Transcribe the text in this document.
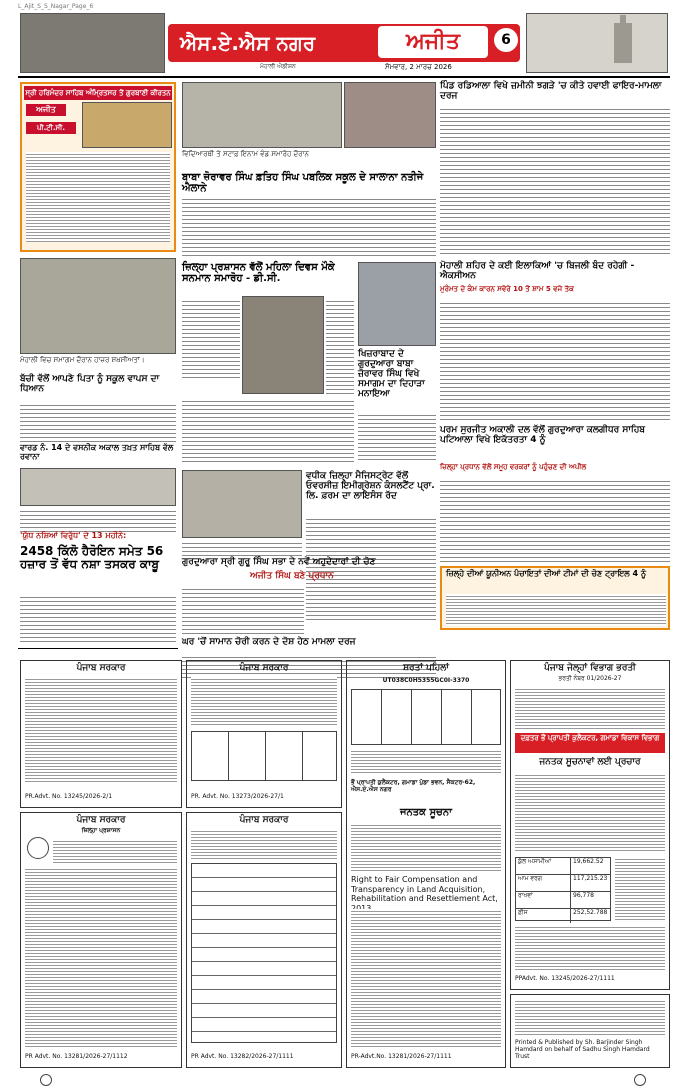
L_Ajit_S_S_Nagar_Page_6
ਐਸ.ਏ.ਐਸ ਨਗਰ	ਅਜੀਤ	6
ਮੋਹਾਲੀ ਐਡੀਸ਼ਨ	ਸੋਮਵਾਰ, 2 ਮਾਰਚ 2026
ਸ੍ਰੀ ਹਰਿਮੰਦਰ ਸਾਹਿਬ ਅੰਮ੍ਰਿਤਸਰ ਤੋਂ ਗੁਰਬਾਣੀ ਕੀਰਤਨ
ਅਜੀਤ
ਪੀ.ਟੀ.ਸੀ.
ਮੋਹਾਲੀ ਵਿਚ ਸਮਾਗਮ ਦੌਰਾਨ ਹਾਜ਼ਰ ਸ਼ਖ਼ਸੀਅਤਾਂ।
ਬੱਚੀ ਵੱਲੋਂ ਆਪਣੇ ਪਿਤਾ ਨੂੰ ਸਕੂਲ ਵਾਪਸ ਦਾ ਧਿਆਨ
ਵਾਰਡ ਨੰ. 14 ਦੇ ਵਸਨੀਕ ਅਕਾਲ ਤਖ਼ਤ ਸਾਹਿਬ ਵੱਲ ਰਵਾਨਾ
'ਯੁੱਧ ਨਸ਼ਿਆਂ ਵਿਰੁੱਧ' ਦੇ 13 ਮਹੀਨੇ:
2458 ਕਿੱਲੋ ਹੈਰੋਇਨ ਸਮੇਤ 56 ਹਜ਼ਾਰ ਤੋਂ ਵੱਧ ਨਸ਼ਾ ਤਸਕਰ ਕਾਬੂ
ਵਿਦਿਆਰਥੀ ਤੇ ਸਟਾਫ਼ ਇਨਾਮ ਵੰਡ ਸਮਾਰੋਹ ਦੌਰਾਨ
ਬਾਬਾ ਜ਼ੋਰਾਵਰ ਸਿੰਘ ਫ਼ਤਿਹ ਸਿੰਘ ਪਬਲਿਕ ਸਕੂਲ ਦੇ ਸਾਲਾਨਾ ਨਤੀਜੇ ਐਲਾਨੇ
ਜ਼ਿਲ੍ਹਾ ਪ੍ਰਸ਼ਾਸਨ ਵੱਲੋਂ ਮਹਿਲਾ ਦਿਵਸ ਮੌਕੇ ਸਨਮਾਨ ਸਮਾਰੋਹ - ਡੀ.ਸੀ.
ਖਿਜ਼ਰਾਬਾਦ ਦੇ ਗੁਰਦੁਆਰਾ ਬਾਬਾ ਜ਼ੋਰਾਵਰ ਸਿੰਘ ਵਿਖੇ ਸਮਾਗਮ ਦਾ ਦਿਹਾੜਾ ਮਨਾਇਆ
ਵਧੀਕ ਜ਼ਿਲ੍ਹਾ ਮੈਜਿਸਟ੍ਰੇਟ ਵੱਲੋਂ ਓਵਰਸੀਜ਼ ਇਮੀਗ੍ਰੇਸ਼ਨ ਕੰਸਲਟੈਂਟ ਪ੍ਰਾ. ਲਿ. ਫ਼ਰਮ ਦਾ ਲਾਇਸੰਸ ਰੱਦ
ਗੁਰਦੁਆਰਾ ਸ੍ਰੀ ਗੁਰੂ ਸਿੰਘ ਸਭਾ ਦੇ ਨਵੇਂ ਅਹੁਦੇਦਾਰਾਂ ਦੀ ਚੋਣ
ਅਜੀਤ ਸਿੰਘ ਬਣੇ ਪ੍ਰਧਾਨ
ਘਰ 'ਚੋਂ ਸਾਮਾਨ ਚੋਰੀ ਕਰਨ ਦੇ ਦੋਸ਼ ਹੇਠ ਮਾਮਲਾ ਦਰਜ
ਪਿੰਡ ਰਡਿਆਲਾ ਵਿਖੇ ਜ਼ਮੀਨੀ ਝਗੜੇ 'ਚ ਕੀਤੇ ਹਵਾਈ ਫਾਇਰ-ਮਾਮਲਾ ਦਰਜ
ਮੋਹਾਲੀ ਸ਼ਹਿਰ ਦੇ ਕਈ ਇਲਾਕਿਆਂ 'ਚ ਬਿਜਲੀ ਬੰਦ ਰਹੇਗੀ - ਐਕਸੀਅਨ
ਮੁਰੰਮਤ ਦੇ ਕੰਮ ਕਾਰਨ ਸਵੇਰੇ 10 ਤੋਂ ਸ਼ਾਮ 5 ਵਜੇ ਤੱਕ
ਪਰਮ ਸੁਰਜੀਤ ਅਕਾਲੀ ਦਲ ਵੱਲੋਂ ਗੁਰਦੁਆਰਾ ਕਲਗੀਧਰ ਸਾਹਿਬ ਪਟਿਆਲਾ ਵਿਖੇ ਇਕੱਤਰਤਾ 4 ਨੂੰ
ਜ਼ਿਲ੍ਹਾ ਪ੍ਰਧਾਨ ਵੱਲੋਂ ਸਮੂਹ ਵਰਕਰਾਂ ਨੂੰ ਪਹੁੰਚਣ ਦੀ ਅਪੀਲ
ਜ਼ਿਲ੍ਹੇ ਦੀਆਂ ਯੂਨੀਅਨ ਪੰਚਾਇਤਾਂ ਦੀਆਂ ਟੀਮਾਂ ਦੀ ਚੋਣ ਟ੍ਰਾਇਲ 4 ਨੂੰ
ਪੰਜਾਬ ਸਰਕਾਰ
PR.Advt. No. 13245/2026-2/1
ਪੰਜਾਬ ਸਰਕਾਰ
PR. Advt. No. 13273/2026-27/1
ਸ਼ਰਤਾਂ ਪਹਿਲਾਂ
UT038C0H5355GC0I-3370
ਭੌਂ ਪ੍ਰਾਪਤੀ ਕੁਲੈਕਟਰ, ਗਮਾਡਾ ਪੁੱਡਾ ਭਵਨ, ਸੈਕਟਰ-62, ਐਸ.ਏ.ਐਸ ਨਗਰ
ਜਨਤਕ ਸੂਚਨਾ
Right to Fair Compensation and Transparency in Land Acquisition, Rehabilitation and Resettlement Act,
PR-Advt.No. 13281/2026-27/1111
ਪੰਜਾਬ ਜੇਲ੍ਹਾਂ ਵਿਭਾਗ ਭਰਤੀ
ਭਰਤੀ ਨੰਬਰ 01/2026-27
ਦਫ਼ਤਰ ਭੌਂ ਪ੍ਰਾਪਤੀ ਕੁਲੈਕਟਰ, ਗਮਾਡਾ ਵਿਕਾਸ ਵਿਭਾਗ
ਜਨਤਕ ਸੂਚਨਾਵਾਂ ਲਈ ਪ੍ਰਚਾਰ
ਕੁੱਲ ਅਸਾਮੀਆਂ	19,662.52
ਆਮ ਵਰਗ	117,215.23
ਰਾਖਵਾਂ	96,778
ਫ਼ੀਸ	252,52.788
PPAdvt. No. 13245/2026-27/1111
ਪੰਜਾਬ ਸਰਕਾਰ
ਜ਼ਿਲ੍ਹਾ ਪ੍ਰਸ਼ਾਸਨ
PR Advt. No. 13281/2026-27/1112
ਪੰਜਾਬ ਸਰਕਾਰ
PR Advt. No. 13282/2026-27/1111
Printed & Published by Sh. Barjinder Singh Hamdard on behalf of Sadhu Singh Hamdard Trust
